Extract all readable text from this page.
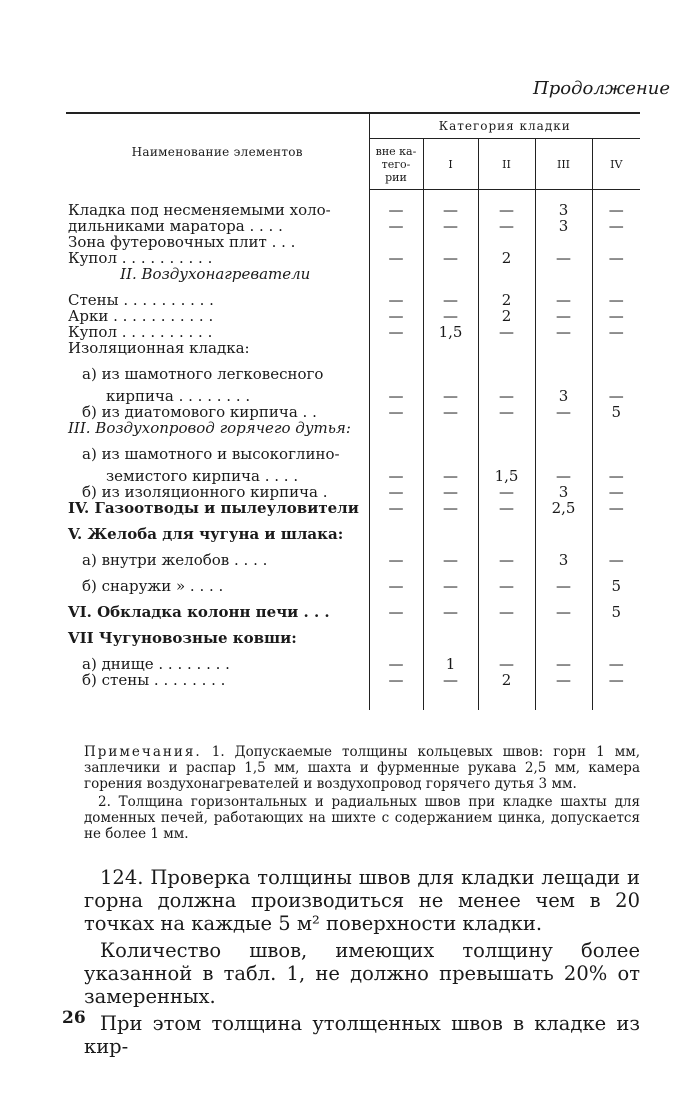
Продолжение
Наименование элементов	Категория кладки				
	вне ка-
тего-
рии	I	II	III	IV

Кладка под несменяемыми холо-	—	—	—	3	—
дильниками маратора . . . .	—	—	—	3	—
Зона футеровочных плит . . .					
Купол . . . . . . . . . .	—	—	2	—	—
II. Воздухонагреватели					
Стены . . . . . . . . . .	—	—	2	—	—
Арки . . . . . . . . . . .	—	—	2	—	—
Купол . . . . . . . . . .	—	1,5	—	—	—
Изоляционная кладка:					
а) из шамотного легковесного					
кирпича . . . . . . . .	—	—	—	3	—
б) из диатомового кирпича . .	—	—	—	—	5
III. Воздухопровод горячего дутья:					
а) из шамотного и высокоглино-					
земистого кирпича . . . .	—	—	1,5	—	—
б) из изоляционного кирпича .	—	—	—	3	—
IV. Газоотводы и пылеуловители	—	—	—	2,5	—
V. Желоба для чугуна и шлака:					
а) внутри желобов . . . .	—	—	—	3	—
б) снаружи » . . . .	—	—	—	—	5
VI. Обкладка колонн печи . . .	—	—	—	—	5
VII Чугуновозные ковши:					
а) днище . . . . . . . .	—	1	—	—	—
б) стены . . . . . . . .	—	—	2	—	—

Примечания. 1. Допускаемые толщины кольцевых швов: горн 1 мм, заплечики и распар 1,5 мм, шахта и фурменные рукава 2,5 мм, камера горения воздухонагревателей и воздухопровод горячего дутья 3 мм.

2. Толщина горизонтальных и радиальных швов при кладке шахты для доменных печей, работающих на шихте с содержанием цинка, допускается не более 1 мм.

124. Проверка толщины швов для кладки лещади и горна должна производиться не менее чем в 20 точках на каждые 5 м² поверхности кладки.

Количество швов, имеющих толщину более указанной в табл. 1, не должно превышать 20% от замеренных.

При этом толщина утолщенных швов в кладке из кир-

26
